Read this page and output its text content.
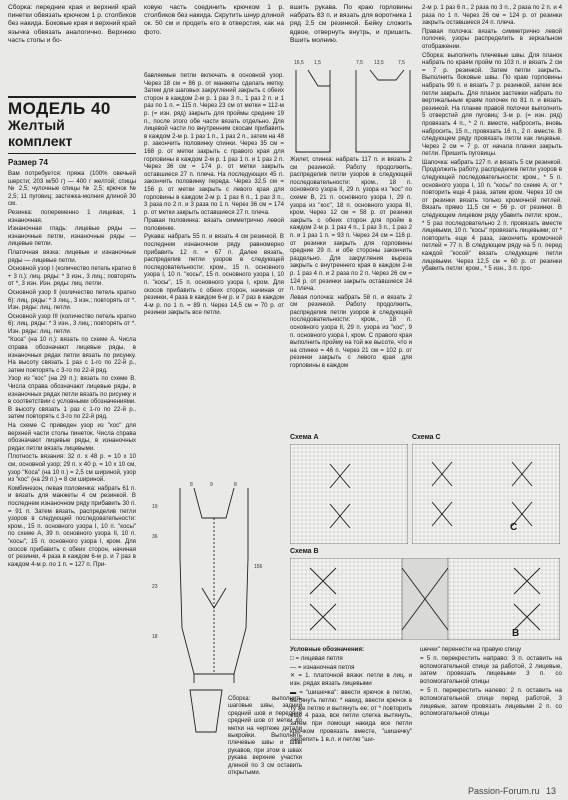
Сборка: передние края и верхний край пинетки обвязать крючком 1 р. столбиков без накида. Боковые края и верхний край язычка обвязать аналогично. Верхнюю часть стопы и бо-

МОДЕЛЬ 40
Желтый комплект
Размер 74

Вам потребуется: пряжа (100% овечьей шерсти; 203 м/50 г) — 400 г желтой; спицы № 2,5; чулочные спицы № 2,5; крючок № 2,5; 11 пуговиц; застежка-молния длиной 30 см.

Резинка: попеременно 1 лицевая, 1 изнаночная.

Изнаночная гладь: лицевые ряды — изнаночные петли, изнаночные ряды — лицевые петли.

Платочная вязка: лицевые и изнаночные ряды — лицевые петли.

Основной узор I (количество петель кратно 6 + 3 п.): лиц. ряды: * 3 изн., 3 лиц.; повторять от *, 3 изн. Изн. ряды: лиц. петли.

Основной узор II (количество петель кратно 6): лиц. ряды: * 3 лиц., 3 изн.; повторять от *. Изн. ряды: лиц. петли.

Основной узор III (количество петель кратно 6): лиц. ряды: * 3 изн., 3 лиц.; повторять от *. Изн. ряды: лиц. петли.

"Коса" (на 10 п.): вязать по схеме А. Числа справа обозначают лицевые ряды, в изнаночных рядах петли вязать по рисунку. На высоту связать 1 раз с 1-го по 22-й р., затем повторять с 3-го по 22-й ряд.

Узор из "кос" (на 29 п.): вязать по схеме В. Числа справа обозначают лицевые ряды, в изнаночных рядах петли вязать по рисунку и в соответствии с условными обозначениями. В высоту связать 1 раз с 1-го по 22-й р., затем повторять с 3-го по 22-й ряд.

На схеме С приведен узор из "кос" для верхней части столы пинеток. Числа справа обозначают лицевые ряды, в изнаночных рядах петли вязать лицевыми.

Плотность вязания: 32 п. х 48 р. = 10 х 10 см, основной узор; 29 п. х 40 р. = 10 х 10 см, узор "Коса" (на 10 п.) = 2,5 см шириной, узор из "кос" (на 29 п.) = 8 см шириной.

Комбинезон, левая половинка: набрать 61 п. и вязать для манжеты 4 см резинкой. В последнем изнаночном ряду прибавить 30 п. = 91 п. Затем вязать, распределив петли узоров в следующей последовательности: кром., 15 п. основного узора I, 10 п. "косы" по схеме А, 39 п. основного узора II, 10 п. "косы", 15 п. основного узора I, кром. Для скосов прибавить с обеих сторон, начиная от резинки, 4 раза в каждом 6-м р. и 7 раз в каждом 4-м р. по 1 п. = 127 п. При-

ковую часть соединить крючком 1 р. столбиков без накида. Скрутить шнур длиной ок. 50 см и продеть его в отверстия, как на фото.

бавляемые петли включать в основной узор. Через 18 см = 86 р. от манжеты сделать метку. Затем для шаговых закруглений закрыть с обеих сторон в каждом 2-м р. 1 раз 3 п., 1 раз 2 п. и 1 раз по 1 п. = 115 п. Через 23 см от метки = 112-м р. (= изн. ряд) закрыть для проймы средние 19 п., после этого обе части вязать отдельно. Для лицевой части по внутренним скосам прибавить в каждом 2-м р. 1 раз 1 п., 1 раз 2 п., затем на 48 р. закончить половинку спинки. Через 35 см = 168 р. от метки закрыть с правого края для горловины в каждом 2-м р. 1 раз 1 п. и 1 раз 2 п. Через 36 см = 174 р. от метки закрыть оставшиеся 27 п. плеча. На последующих 45 п. закончить половинку переда. Через 32,5 см = 156 р. от метки закрыть с левого края для горловины в каждом 2-м р. 1 раз 6 п., 1 раз 3 п., 3 раза по 2 п. и 3 раза по 1 п. Через 36 см = 174 р. от метки закрыть оставшиеся 27 п. плеча.

Правая половинка: вязать симметрично левой половинке.

Рукава: набрать 55 п. и вязать 4 см резинкой. В последнем изнаночном ряду равномерно прибавить 12 п. = 67 п. Далее вязать, распределив петли узоров в следующей последовательности: кром., 15 п. основного узора I, 10 п. "косы", 15 п. основного узора I, 10 п. "косы", 15 п. основного узора I, кром. Для скосов прибавить с обеих сторон, начиная от резинки, 4 раза в каждом 6-м р. и 7 раз в каждом 4-м р. по 1 п. = 89 п. Через 14,5 см = 70 р. от резинки закрыть все петли.

19
36
23
18
156
8	9	8

Сборка: выполнить шаговые швы, задний средний шов и передний средний шов от метки до метки на чертеже детали выкройки. Выполнить плечевые швы и швы рукавов, при этом в швах рукава верхние участки длиной по 3 см оставить открытыми.

вшить рукава. По краю горловины набрать 83 п. и вязать для воротника 1 ряд 2,5 см резинкой. Бейку сложить вдвое, отвернуть внутрь, и пришить. Вшить молнию.

16,5 1,5	7,5 13,5	7,5

Жилет, спинка: набрать 117 п. и вязать 2 см резинкой. Работу продолжить, распределив петли узоров в следующей последовательности: кром., 18 п. основного узора II, 29 п. узора из "кос" по схеме В, 21 п. основного узора I, 29 п. узора из "кос", 18 п. основного узора III, кром. Через 12 см = 58 р. от резинки закрыть с обеих сторон для пройм в каждом 2-м р. 1 раз 4 п., 1 раз 3 п., 1 раз 2 п. и 1 раз 1 п. = 93 п. Через 24 см = 116 р. от резинки закрыть для горловины средние 29 п. и обе стороны закончить раздельно. Для закругления выреза закрыть с внутреннего края в каждом 2-м р. 1 раз 4 п. и 2 раза по 2 п. Через 26 см = 124 р. от резинки закрыть оставшиеся 24 п. плеча.

Левая полочка: набрать 58 п. и вязать 2 см резинкой. Работу продолжить, распределив петли узоров в следующей последовательности: кром., 18 п. основного узора II, 29 п. узора из "кос", 9 п. основного узора I, кром. С правого края выполнить пройму на той же высоте, что и на спинке = 46 п. Через 21 см = 102 р. от резинки закрыть с левого края для горловины в каждом

2-м р. 1 раз 6 п., 2 раза по 3 п., 2 раза по 2 п. и 4 раза по 1 п. Через 26 см = 124 р. от резинки закрыть оставшиеся 24 п. плеча.

Правая полочка: вязать симметрично левой полочке, узоры распределить в зеркальном отображении.

Сборка: выполнить плечевые швы. Для планок набрать по краям пройм по 103 п. и вязать 2 см = 7 р. резинкой. Затем петли закрыть. Выполнить боковые швы. По краю горловины набрать 99 п. и вязать 7 р. резинкой, затем все петли закрыть. Для планок застежки набрать по вертикальным краям полочек по 81 п. и вязать резинкой. На планке правой полочки выполнить 5 отверстий для пуговиц: 3-м р. (= изн. ряд) провязать 4 п., * 2 п. вместе, набросить, вновь набросить, 15 п., провязать 16 п., 2 п. вместе. В следующем ряду провязать петли как лицевые. Через 2 см = 7 р. от начала планки закрыть петли. Пришить пуговицы.

Шапочка: набрать 127 п. и вязать 5 см резинкой. Продолжить работу, распределив петли узоров в следующей последовательности: кром., * 5 п. основного узора I, 10 п. "косы" по схеме А; от * повторить еще 4 раза, затем кром. Через 10 см от резинки вязать только кромочной петлей. Вязать прямо 11,5 см = 56 р. от резинки. В следующем лицевом ряду убавить петли: кром., * 5 раз последовательно 2 п. провязать вместе лицевыми, 10 п. "косы" провязать лицевыми; от * повторить еще 4 раза, закончить кромочной петлей = 77 п. В следующем ряду на 5 п. перед каждой "косой" вязать следующие петли лицевыми. Через 12,5 см = 60 р. от резинки убавить петли: кром., * 5 изн., 3 п. про-

Схема А	Схема С
С
Схема В
В

Условные обозначения:

□ = лицевая петля

— = изнаночная петля

✕ = 1. платочной вязки: петли в лиц. и изн. рядах вязать лицевыми

▬ = "шишечка": ввести крючок в петлю, вытянуть петлю: * накид, ввести крючок в ту же петлю и вытянуть ее; от * повторить еще 4 раза, все петли слегка вытянуть, затем при помощи накида все петли крючком провязать вместе, "шишечку" закрепить 1 в.л. и петлю "ши-

шечки" перенести на правую спицу

= 5 п. перекрестить направо: 3 п. оставить на вспомогательной спице за работой, 2 лицевые, затем провязать лицевыми 3 п. со вспомогательной спицы

= 5 п. перекрестить налево: 2 п. оставить на вспомогательной спице перед работой, 3 лицевые, затем провязать лицевыми 2 п. со вспомогательной спицы

Passion-Forum.ru 13
